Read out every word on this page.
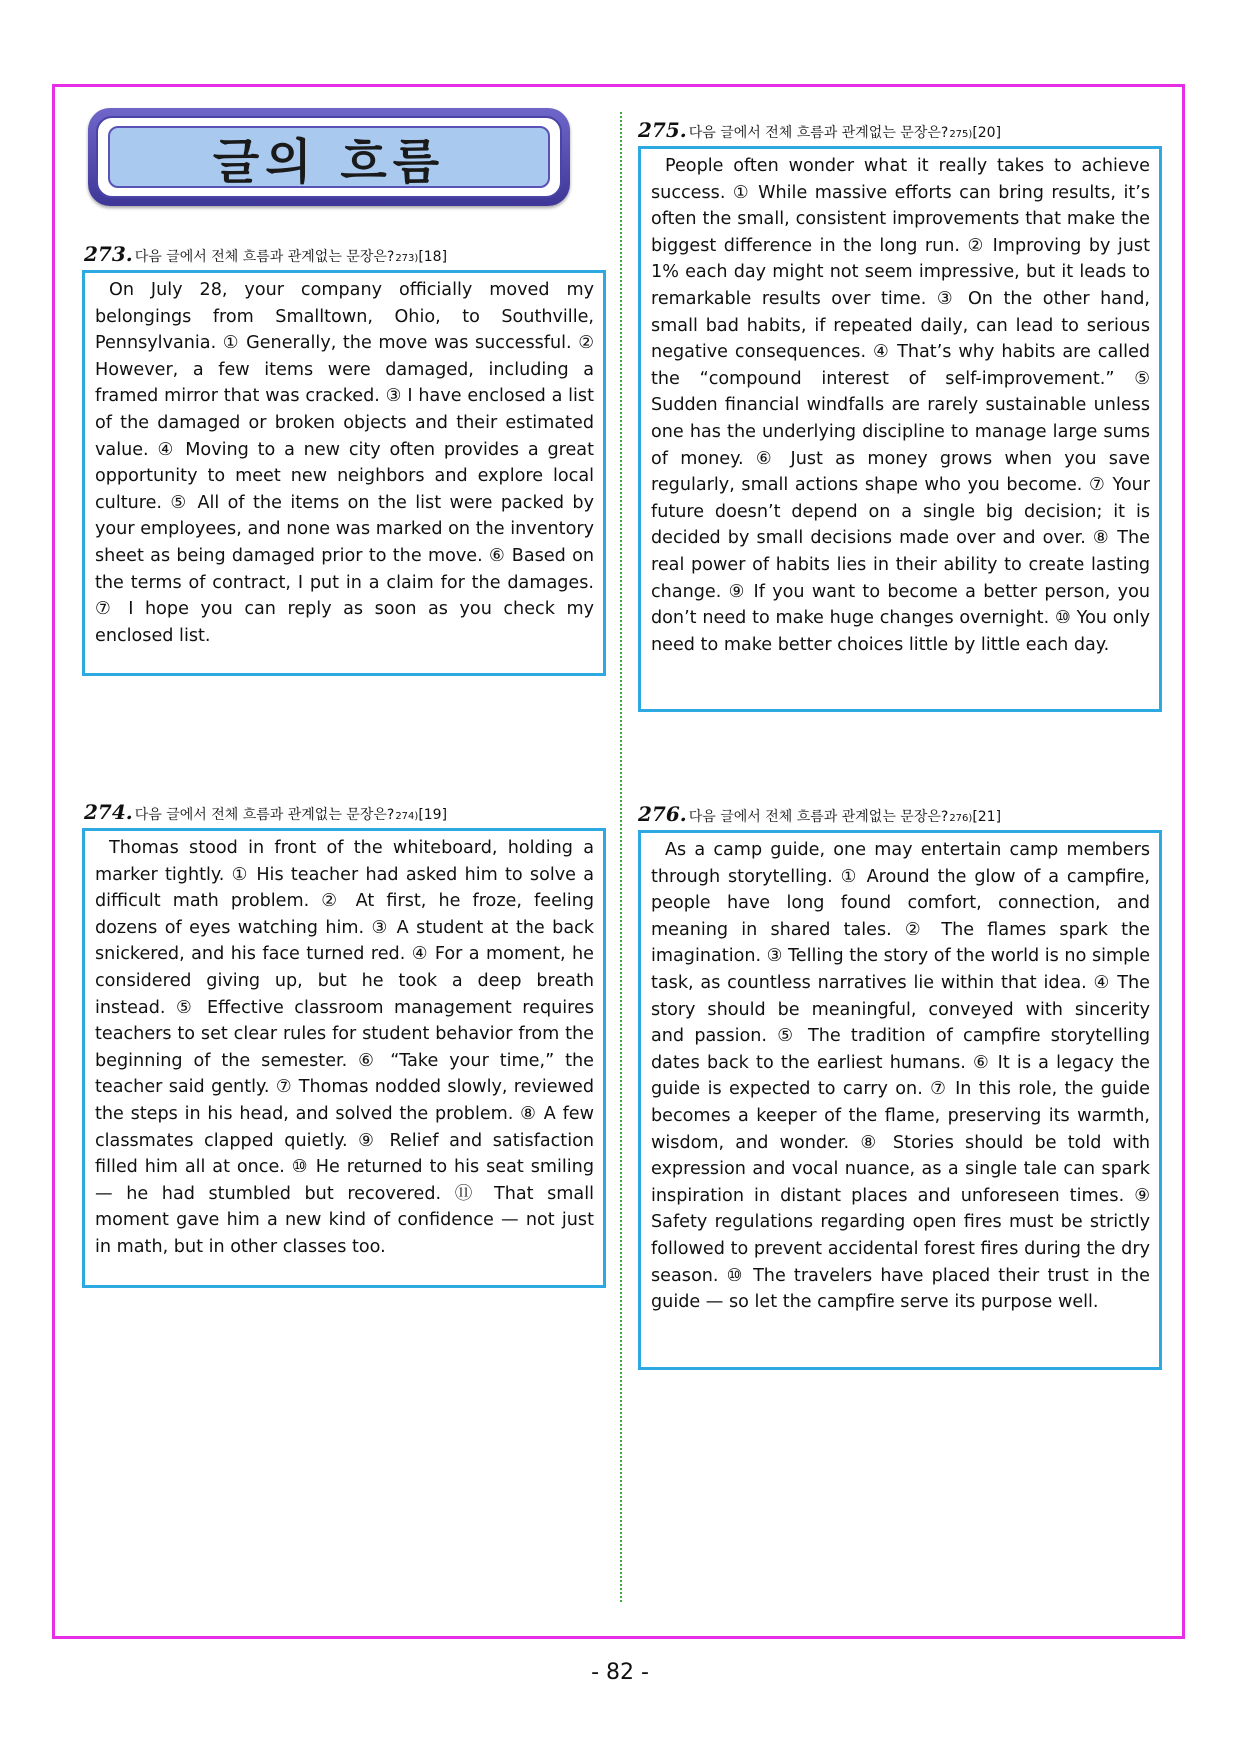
글의 흐름
273. 다음 글에서 전체 흐름과 관계없는 문장은? 273) [18]

On July 28, your company officially moved my belongings from Smalltown, Ohio, to Southville, Pennsylvania. ① Generally, the move was successful. ② However, a few items were damaged, including a framed mirror that was cracked. ③ I have enclosed a list of the damaged or broken objects and their estimated value. ④ Moving to a new city often provides a great opportunity to meet new neighbors and explore local culture. ⑤ All of the items on the list were packed by your employees, and none was marked on the inventory sheet as being damaged prior to the move. ⑥ Based on the terms of contract, I put in a claim for the damages. ⑦ I hope you can reply as soon as you check my enclosed list.

274. 다음 글에서 전체 흐름과 관계없는 문장은? 274) [19]

Thomas stood in front of the whiteboard, holding a marker tightly. ① His teacher had asked him to solve a difficult math problem. ② At first, he froze, feeling dozens of eyes watching him. ③ A student at the back snickered, and his face turned red. ④ For a moment, he considered giving up, but he took a deep breath instead. ⑤ Effective classroom management requires teachers to set clear rules for student behavior from the beginning of the semester. ⑥ “Take your time,” the teacher said gently. ⑦ Thomas nodded slowly, reviewed the steps in his head, and solved the problem. ⑧ A few classmates clapped quietly. ⑨ Relief and satisfaction filled him all at once. ⑩ He returned to his seat smiling — he had stumbled but recovered. ⑪ That small moment gave him a new kind of confidence — not just in math, but in other classes too.

275. 다음 글에서 전체 흐름과 관계없는 문장은? 275) [20]

People often wonder what it really takes to achieve success. ① While massive efforts can bring results, it’s often the small, consistent improvements that make the biggest difference in the long run. ② Improving by just 1% each day might not seem impressive, but it leads to remarkable results over time. ③ On the other hand, small bad habits, if repeated daily, can lead to serious negative consequences. ④ That’s why habits are called the “compound interest of self-improvement.” ⑤ Sudden financial windfalls are rarely sustainable unless one has the underlying discipline to manage large sums of money. ⑥ Just as money grows when you save regularly, small actions shape who you become. ⑦ Your future doesn’t depend on a single big decision; it is decided by small decisions made over and over. ⑧ The real power of habits lies in their ability to create lasting change. ⑨ If you want to become a better person, you don’t need to make huge changes overnight. ⑩ You only need to make better choices little by little each day.

276. 다음 글에서 전체 흐름과 관계없는 문장은? 276) [21]

As a camp guide, one may entertain camp members through storytelling. ① Around the glow of a campfire, people have long found comfort, connection, and meaning in shared tales. ② The flames spark the imagination. ③ Telling the story of the world is no simple task, as countless narratives lie within that idea. ④ The story should be meaningful, conveyed with sincerity and passion. ⑤ The tradition of campfire storytelling dates back to the earliest humans. ⑥ It is a legacy the guide is expected to carry on. ⑦ In this role, the guide becomes a keeper of the flame, preserving its warmth, wisdom, and wonder. ⑧ Stories should be told with expression and vocal nuance, as a single tale can spark inspiration in distant places and unforeseen times. ⑨ Safety regulations regarding open fires must be strictly followed to prevent accidental forest fires during the dry season. ⑩ The travelers have placed their trust in the guide — so let the campfire serve its purpose well.

- 82 -
